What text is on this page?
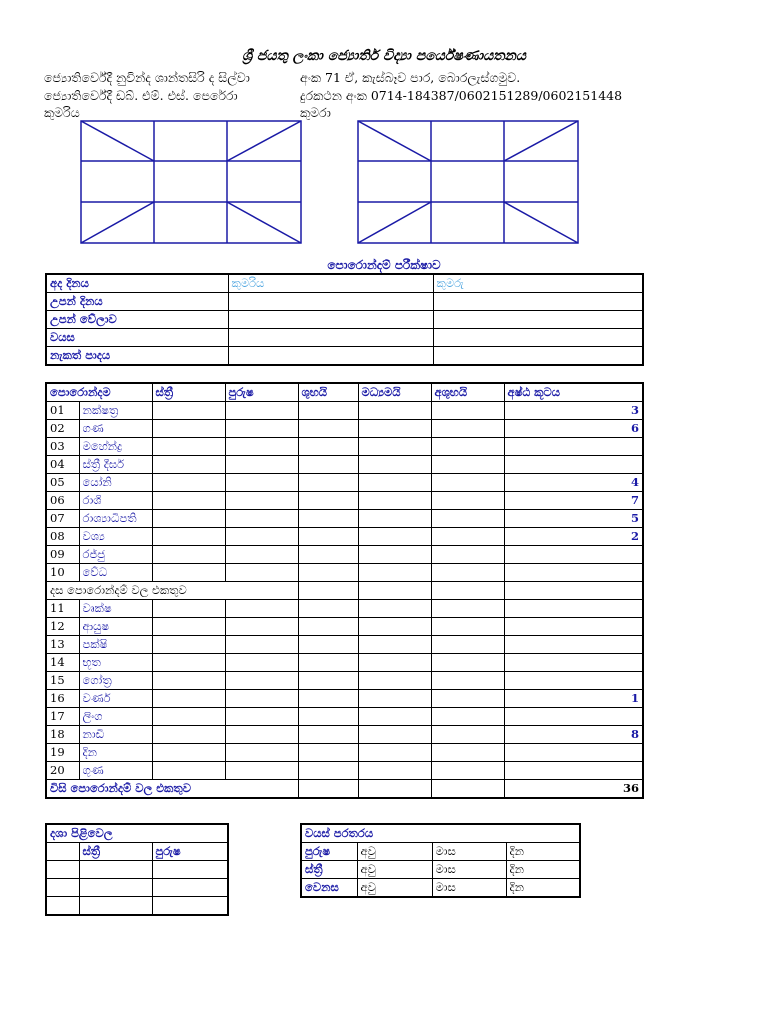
ශ්‍රී ජයතු ලංකා ජ්‍යොතිර් විද්‍යා පර්යේෂණායතනය
ජ්‍යොතිර්වේදී නුවින්ද ශාන්තසිරි ද සිල්වා	අංක 71 ඒ, කැස්බෑව පාර, බොරලැස්ගමුව.
ජ්‍යොතිර්වේදී ඩබ්. එම්. එස්. පෙරේරා	දුරකථන අංක 0714-184387/0602151289/0602151448
කුමරිය	කුමරා
පොරොන්දම් පරීක්ෂාව
අද දිනය	කුමරිය	කුමරු
උපන් දිනය		
උපන් වේලාව		
වයස		
නැකත් පාදය		
පොරොන්දම		ස්ත්‍රී	පුරුෂ	ශුභයි	මධ්‍යමයි	අශුභයි	අෂ්ඨ කූටය
01	නක්ෂත්‍ර						3
02	ගණ						6
03	මහේන්ද්‍ර						
04	ස්ත්‍රී දීර්ඝ						
05	යෝනි						4
06	රාශි						7
07	රාශ්‍යාධිපති						5
08	වශ්‍ය						2
09	රජ්ජු						
10	වේධ						
දස පොරොන්දම් වල එකතුව							
11	වෘක්ෂ						
12	ආයුෂ						
13	පක්ෂි						
14	භූත						
15	ගෝත්‍ර						
16	වර්ණ						1
17	ලිංග						
18	නාඩි						8
19	දින						
20	ගුණ						
විසි පොරොන්දම් වල එකතුව							36
දශා පිළිවෙල		
	ස්ත්‍රී	පුරුෂ

වයස් පරතරය			
පුරුෂ	අවු	මාස	දින
ස්ත්‍රී	අවු	මාස	දින
වෙනස	අවු	මාස	දින
